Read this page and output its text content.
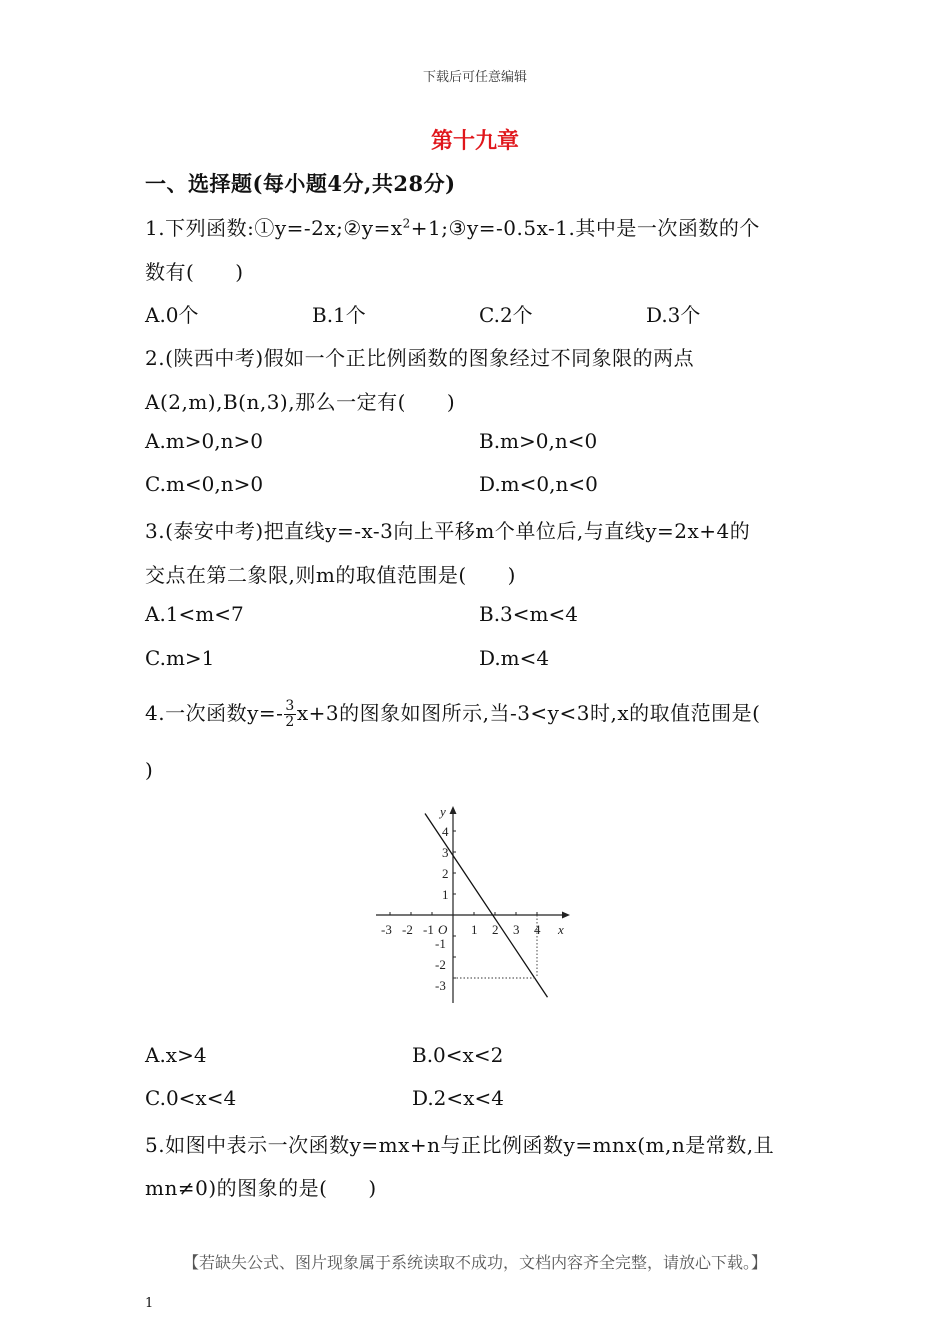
下载后可任意编辑
第十九章
一、选择题(每小题4分,共28分)
1.下列函数$:①y=-2x;②y=x^2+1;③y=-0.5x-1$.其中是一次函数的个
数有(　　)
A.0个	B.1个	C.2个	D.3个
2.(陕西中考)假如一个正比例函数的图象经过不同象限的两点
A(2,m),B(n,3),那么一定有(　　)
A.m>0,n>0	B.m>0,n<0
C.m<0,n>0	D.m<0,n<0
3.(泰安中考)把直线y=-x-3向上平移m个单位后,与直线y=2x+4的
交点在第二象限,则m的取值范围是(　　)
A.1<m<7	B.3<m<4
C.m>1	D.m<4
4.一次函数$y=- \frac{3}{2} x+3$的图象如图所示,当-3<y<3时,x的取值范围是(
)
-3 -2 -1 O 1 2 3 4 x
y
4
3
2
1
-1
-2
-3
A.x>4	B.0<x<2
C.0<x<4	D.2<x<4
5.如图中表示一次函数y=mx+n与正比例函数y=mnx(m,n是常数,且
mn≠0)的图象的是(　　)
【若缺失公式、图片现象属于系统读取不成功，文档内容齐全完整，请放心下载。】
1
